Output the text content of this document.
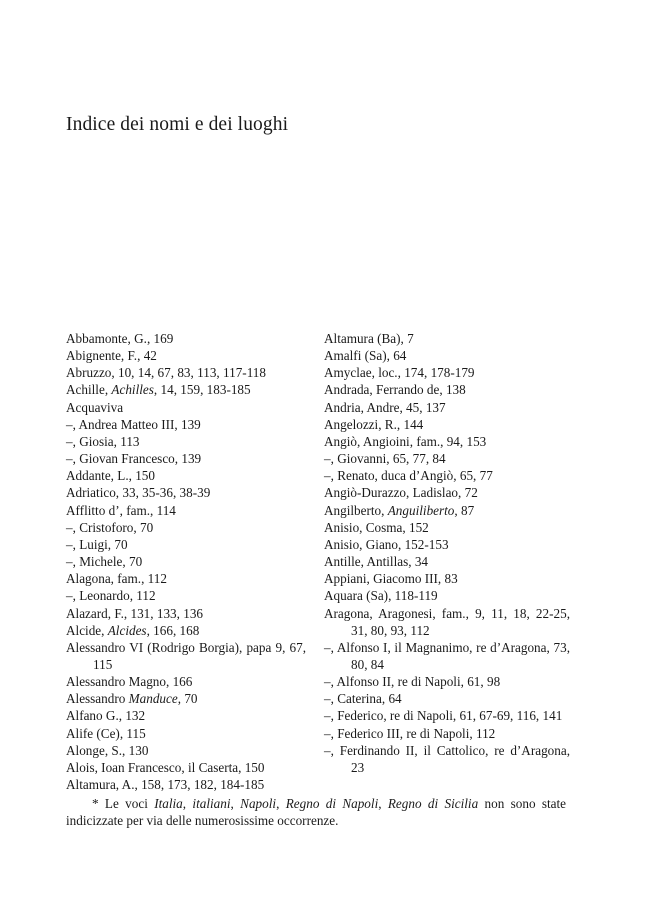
Indice dei nomi e dei luoghi
Abbamonte, G., 169
Abignente, F., 42
Abruzzo, 10, 14, 67, 83, 113, 117-118
Achille, Achilles, 14, 159, 183-185
Acquaviva
–, Andrea Matteo III, 139
–, Giosia, 113
–, Giovan Francesco, 139
Addante, L., 150
Adriatico, 33, 35-36, 38-39
Afflitto d’, fam., 114
–, Cristoforo, 70
–, Luigi, 70
–, Michele, 70
Alagona, fam., 112
–, Leonardo, 112
Alazard, F., 131, 133, 136
Alcide, Alcides, 166, 168
Alessandro VI (Rodrigo Borgia), papa 9, 67, 115
Alessandro Magno, 166
Alessandro Manduce, 70
Alfano G., 132
Alife (Ce), 115
Alonge, S., 130
Alois, Ioan Francesco, il Caserta, 150
Altamura, A., 158, 173, 182, 184-185
Altamura (Ba), 7
Amalfi (Sa), 64
Amyclae, loc., 174, 178-179
Andrada, Ferrando de, 138
Andria, Andre, 45, 137
Angelozzi, R., 144
Angiò, Angioini, fam., 94, 153
–, Giovanni, 65, 77, 84
–, Renato, duca d’Angiò, 65, 77
Angiò-Durazzo, Ladislao, 72
Angilberto, Anguiliberto, 87
Anisio, Cosma, 152
Anisio, Giano, 152-153
Antille, Antillas, 34
Appiani, Giacomo III, 83
Aquara (Sa), 118-119
Aragona, Aragonesi, fam., 9, 11, 18, 22-25, 31, 80, 93, 112
–, Alfonso I, il Magnanimo, re d’Aragona, 73, 80, 84
–, Alfonso II, re di Napoli, 61, 98
–, Caterina, 64
–, Federico, re di Napoli, 61, 67-69, 116, 141
–, Federico III, re di Napoli, 112
–, Ferdinando II, il Cattolico, re d’Aragona, 23

* Le voci Italia, italiani, Napoli, Regno di Napoli, Regno di Sicilia non sono state indicizzate per via delle numerosissime occorrenze.
